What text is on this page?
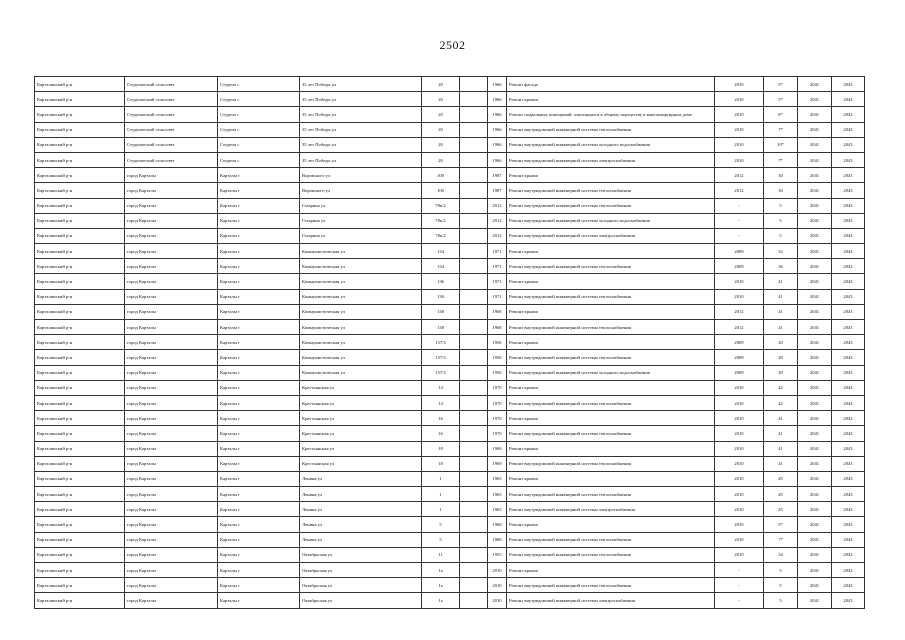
2502
Карталинский р-н	Студенческий сельсовет	Студенч с	35 лет Победы ул	20		1966	Ремонт фасада	2010	5*	2041	2043
Карталинский р-н	Студенческий сельсовет	Студенч с	35 лет Победы ул	20		1966	Ремонт крыши	2010	5*	2041	2043
Карталинский р-н	Студенческий сельсовет	Студенч с	35 лет Победы ул	20		1966	Ремонт подвальных помещений, относящихся к общему имуществу в многоквартирном доме	2010	8*	2041	2043
Карталинский р-н	Студенческий сельсовет	Студенч с	35 лет Победы ул	20		1966	Ремонт внутридомовой инженерной системы теплоснабжения	2010	7*	2041	2043
Карталинский р-н	Студенческий сельсовет	Студенч с	35 лет Победы ул	20		1966	Ремонт внутридомовой инженерной системы холодного водоснабжения	2010	10*	2041	2043
Карталинский р-н	Студенческий сельсовет	Студенч с	35 лет Победы ул	20		1966	Ремонт внутридомовой инженерной системы электроснабжения	2010	7*	2041	2043
Карталинский р-н	город Карталы	Карталы г	Воровского ул	100		1987	Ремонт крыши	2012	30	2041	2043
Карталинский р-н	город Карталы	Карталы г	Воровского ул	100		1987	Ремонт внутридомовой инженерной системы теплоснабжения	2012	30	2041	2043
Карталинский р-н	город Карталы	Карталы г	Гагарина ул	78к/2		2012	Ремонт внутридомовой инженерной системы теплоснабжения	-	5	2041	2043
Карталинский р-н	город Карталы	Карталы г	Гагарина ул	78к/2		2012	Ремонт внутридомовой инженерной системы холодного водоснабжения	-	5	2041	2043
Карталинский р-н	город Карталы	Карталы г	Гагарина ул	78к/2		2012	Ремонт внутридомовой инженерной системы электроснабжения	-	5	2041	2043
Карталинский р-н	город Карталы	Карталы г	Коммунистическая ул	134		1971	Ремонт крыши	2009	32	2041	2043
Карталинский р-н	город Карталы	Карталы г	Коммунистическая ул	134		1971	Ремонт внутридомовой инженерной системы теплоснабжения	2009	36	2041	2043
Карталинский р-н	город Карталы	Карталы г	Коммунистическая ул	136		1971	Ремонт крыши	2010	41	2041	2043
Карталинский р-н	город Карталы	Карталы г	Коммунистическая ул	136		1971	Ремонт внутридомовой инженерной системы теплоснабжения	2010	41	2041	2043
Карталинский р-н	город Карталы	Карталы г	Коммунистическая ул	138		1968	Ремонт крыши	2012	41	2041	2043
Карталинский р-н	город Карталы	Карталы г	Коммунистическая ул	138		1968	Ремонт внутридомовой инженерной системы теплоснабжения	2012	41	2041	2043
Карталинский р-н	город Карталы	Карталы г	Коммунистическая ул	157/3		1956	Ремонт крыши	2009	20	2041	2043
Карталинский р-н	город Карталы	Карталы г	Коммунистическая ул	157/3		1956	Ремонт внутридомовой инженерной системы теплоснабжения	2009	20	2041	2043
Карталинский р-н	город Карталы	Карталы г	Коммунистическая ул	157/3		1956	Ремонт внутридомовой инженерной системы холодного водоснабжения	2009	20	2041	2043
Карталинский р-н	город Карталы	Карталы г	Крестьянская ул	14		1970	Ремонт крыши	2010	42	2041	2043
Карталинский р-н	город Карталы	Карталы г	Крестьянская ул	14		1970	Ремонт внутридомовой инженерной системы теплоснабжения	2010	42	2041	2043
Карталинский р-н	город Карталы	Карталы г	Крестьянская ул	16		1970	Ремонт крыши	2010	41	2041	2043
Карталинский р-н	город Карталы	Карталы г	Крестьянская ул	16		1970	Ремонт внутридомовой инженерной системы теплоснабжения	2010	41	2041	2043
Карталинский р-н	город Карталы	Карталы г	Крестьянская ул	18		1969	Ремонт крыши	2010	41	2041	2043
Карталинский р-н	город Карталы	Карталы г	Крестьянская ул	18		1969	Ремонт внутридомовой инженерной системы теплоснабжения	2010	41	2041	2043
Карталинский р-н	город Карталы	Карталы г	Ленина ул	1		1965	Ремонт крыши	2010	45	2041	2043
Карталинский р-н	город Карталы	Карталы г	Ленина ул	1		1965	Ремонт внутридомовой инженерной системы теплоснабжения	2010	45	2041	2043
Карталинский р-н	город Карталы	Карталы г	Ленина ул	1		1965	Ремонт внутридомовой инженерной системы электроснабжения	2010	45	2041	2043
Карталинский р-н	город Карталы	Карталы г	Ленина ул	5		1968	Ремонт крыши	2010	5*	2041	2043
Карталинский р-н	город Карталы	Карталы г	Ленина ул	5		1968	Ремонт внутридомовой инженерной системы теплоснабжения	2010	7*	2041	2043
Карталинский р-н	город Карталы	Карталы г	Октябрьская ул	11		1955	Ремонт внутридомовой инженерной системы теплоснабжения	2010	34	2041	2043
Карталинский р-н	город Карталы	Карталы г	Октябрьская ул	1а		2010	Ремонт крыши	-	5	2041	2043
Карталинский р-н	город Карталы	Карталы г	Октябрьская ул	1а		2010	Ремонт внутридомовой инженерной системы теплоснабжения	-	5	2041	2043
Карталинский р-н	город Карталы	Карталы г	Октябрьская ул	1а		2010	Ремонт внутридомовой инженерной системы электроснабжения	-	5	2041	2043
